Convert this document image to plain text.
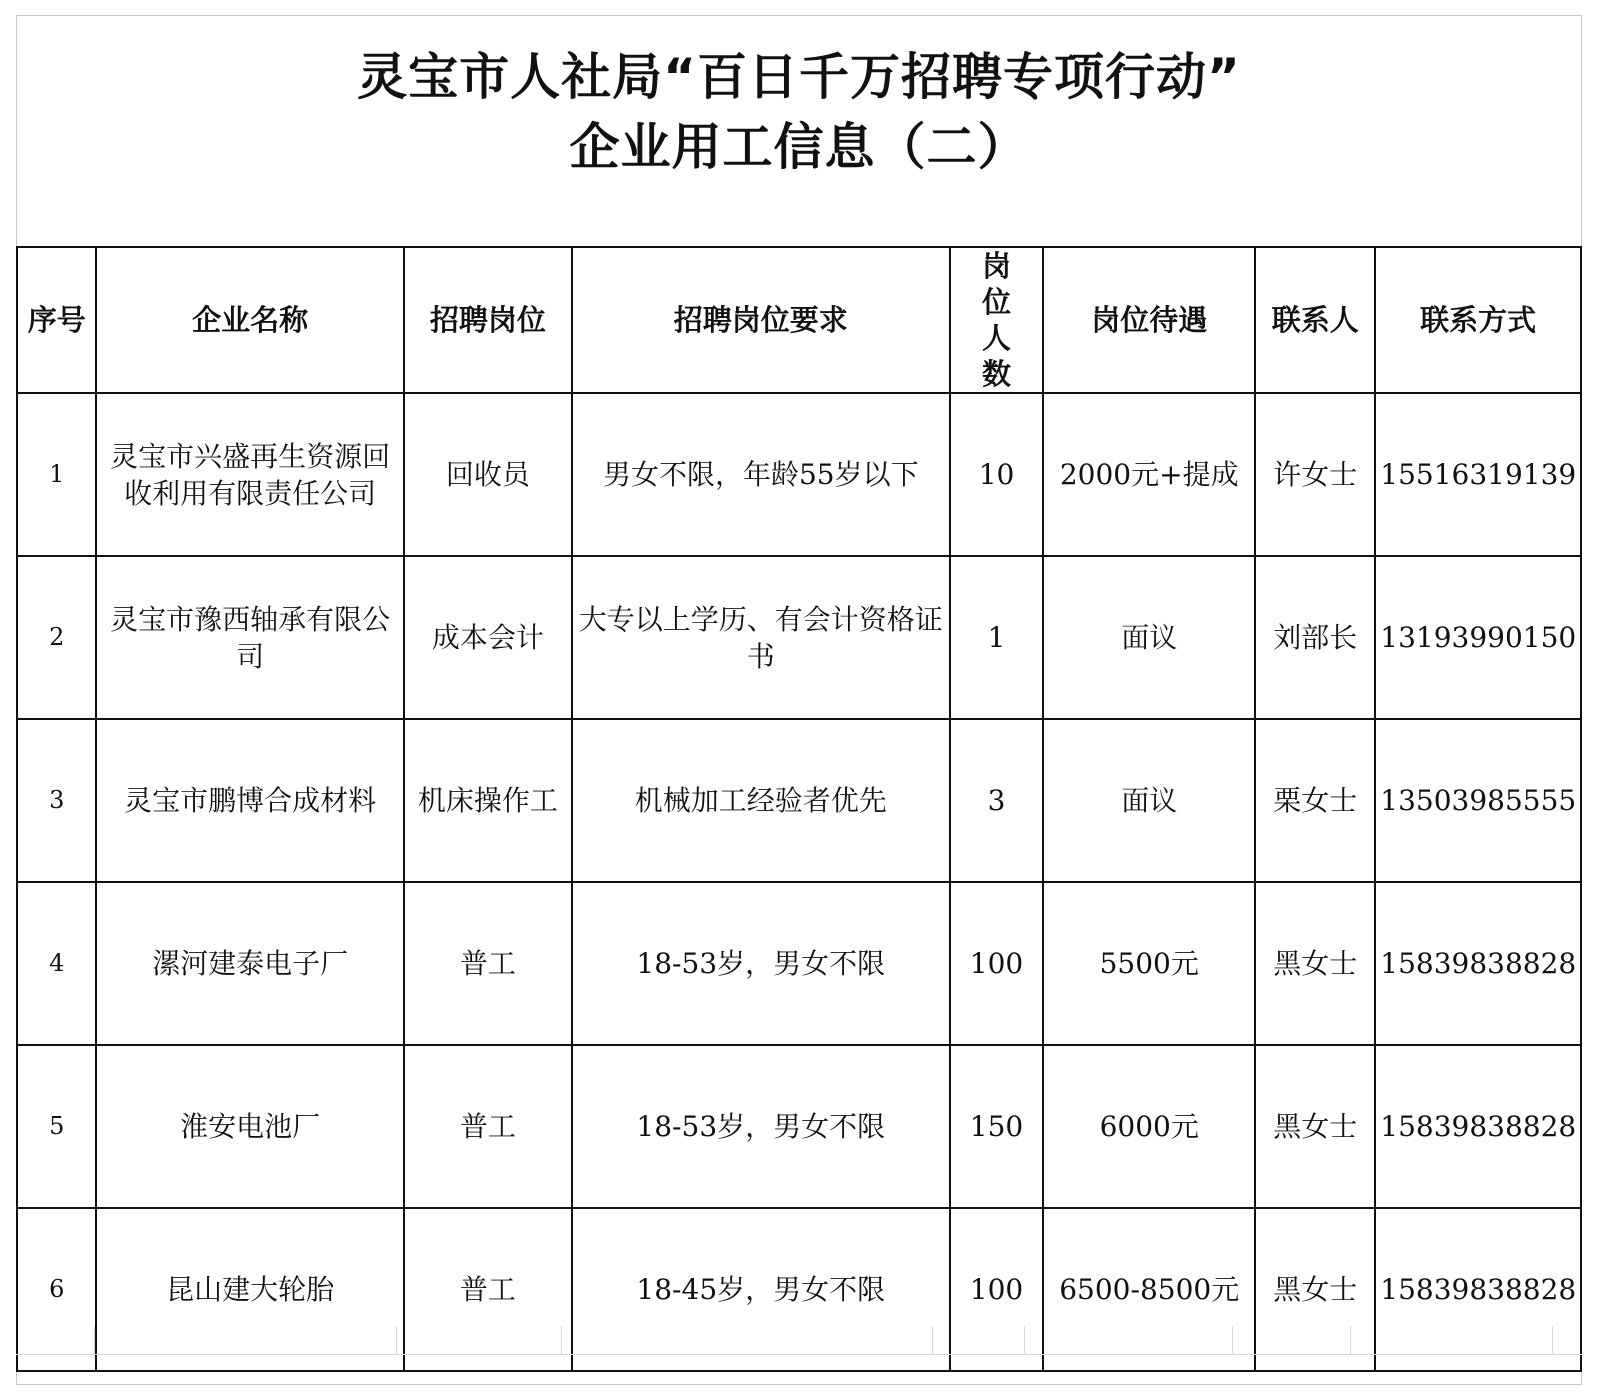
灵宝市人社局“百日千万招聘专项行动”
企业用工信息（二）
序号	企业名称	招聘岗位	招聘岗位要求	岗位人数	岗位待遇	联系人	联系方式
1	灵宝市兴盛再生资源回收利用有限责任公司	回收员	男女不限，年龄55岁以下	10	2000元+提成	许女士	15516319139
2	灵宝市豫西轴承有限公司	成本会计	大专以上学历、有会计资格证书	1	面议	刘部长	13193990150
3	灵宝市鹏博合成材料	机床操作工	机械加工经验者优先	3	面议	栗女士	13503985555
4	漯河建泰电子厂	普工	18-53岁，男女不限	100	5500元	黑女士	15839838828
5	淮安电池厂	普工	18-53岁，男女不限	150	6000元	黑女士	15839838828
6	昆山建大轮胎	普工	18-45岁，男女不限	100	6500-8500元	黑女士	15839838828
